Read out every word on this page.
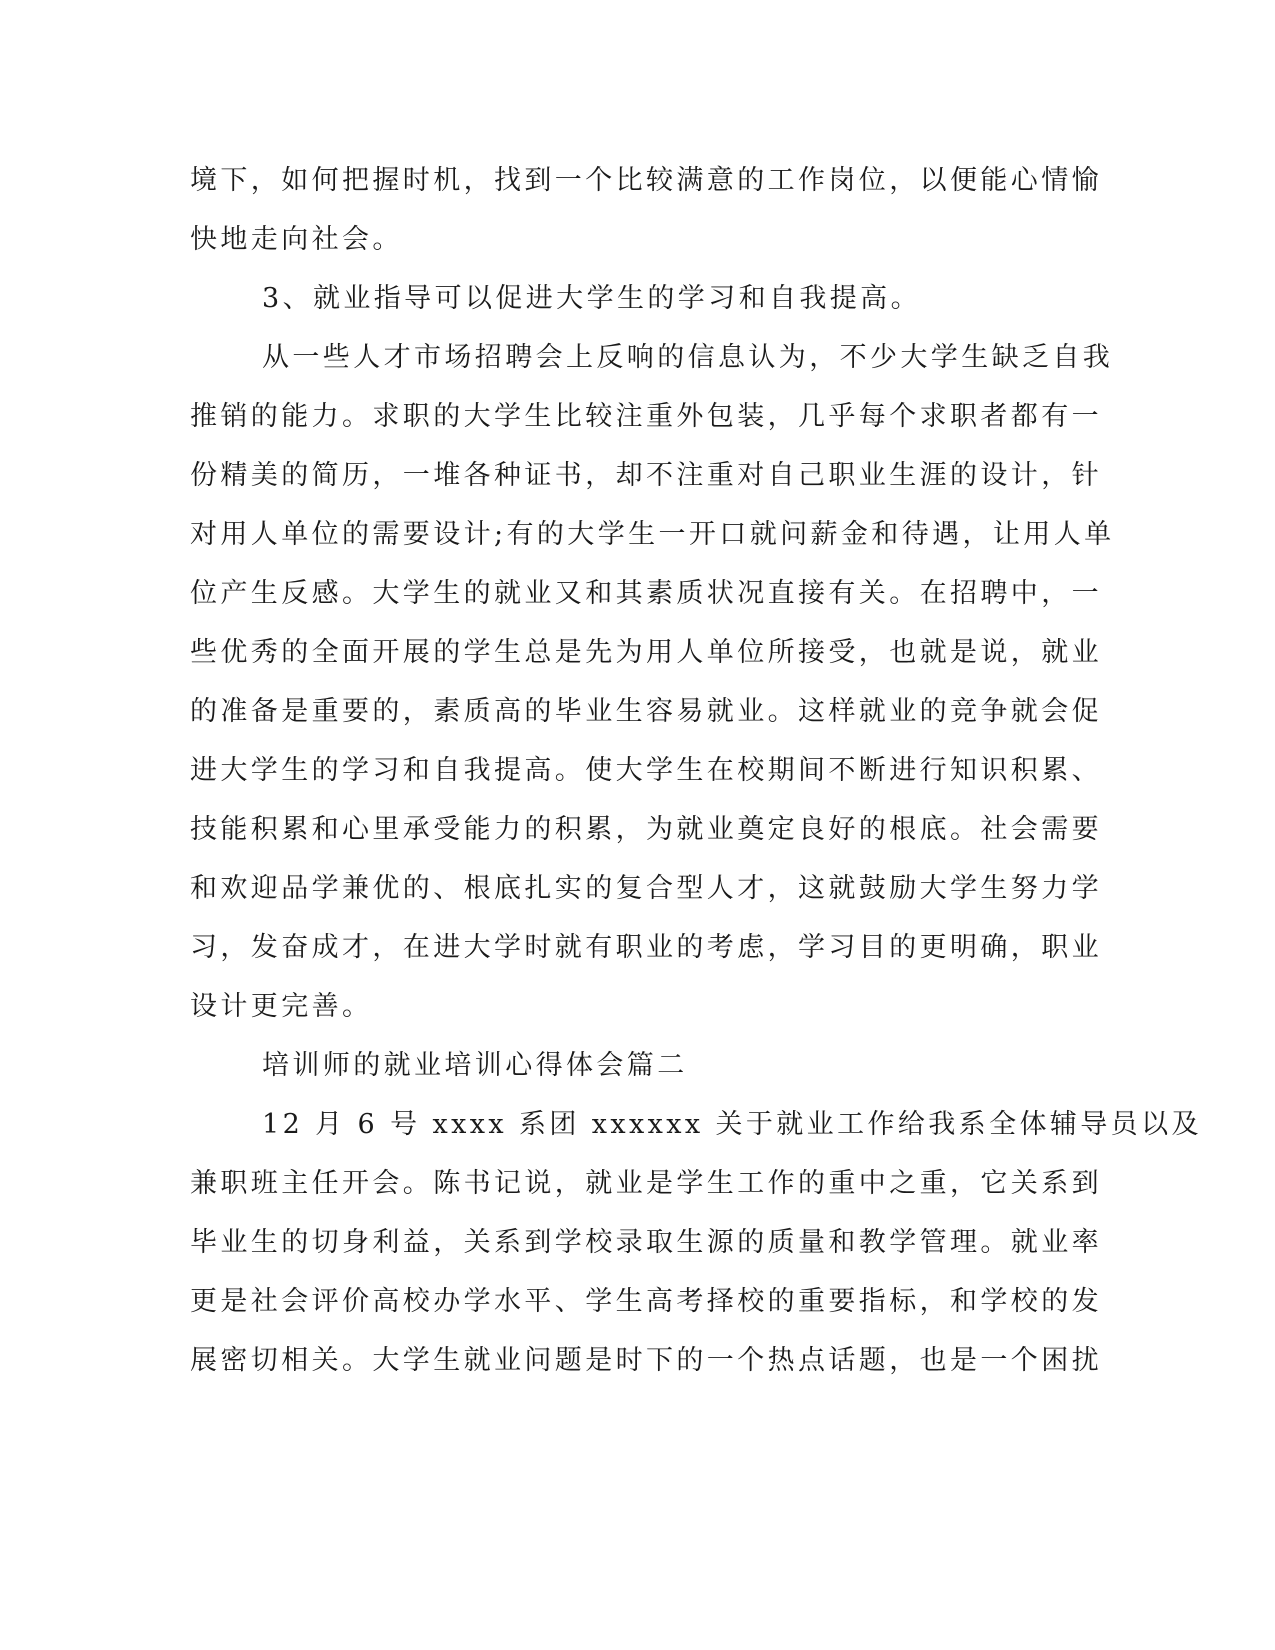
境下，如何把握时机，找到一个比较满意的工作岗位，以便能心情愉
快地走向社会。
3、就业指导可以促进大学生的学习和自我提高。
从一些人才市场招聘会上反响的信息认为，不少大学生缺乏自我
推销的能力。求职的大学生比较注重外包装，几乎每个求职者都有一
份精美的简历，一堆各种证书，却不注重对自己职业生涯的设计，针
对用人单位的需要设计;有的大学生一开口就问薪金和待遇，让用人单
位产生反感。大学生的就业又和其素质状况直接有关。在招聘中，一
些优秀的全面开展的学生总是先为用人单位所接受，也就是说，就业
的准备是重要的，素质高的毕业生容易就业。这样就业的竞争就会促
进大学生的学习和自我提高。使大学生在校期间不断进行知识积累、
技能积累和心里承受能力的积累，为就业奠定良好的根底。社会需要
和欢迎品学兼优的、根底扎实的复合型人才，这就鼓励大学生努力学
习，发奋成才，在进大学时就有职业的考虑，学习目的更明确，职业
设计更完善。
培训师的就业培训心得体会篇二
12 月 6 号 xxxx 系团 xxxxxx 关于就业工作给我系全体辅导员以及
兼职班主任开会。陈书记说，就业是学生工作的重中之重，它关系到
毕业生的切身利益，关系到学校录取生源的质量和教学管理。就业率
更是社会评价高校办学水平、学生高考择校的重要指标，和学校的发
展密切相关。大学生就业问题是时下的一个热点话题，也是一个困扰
